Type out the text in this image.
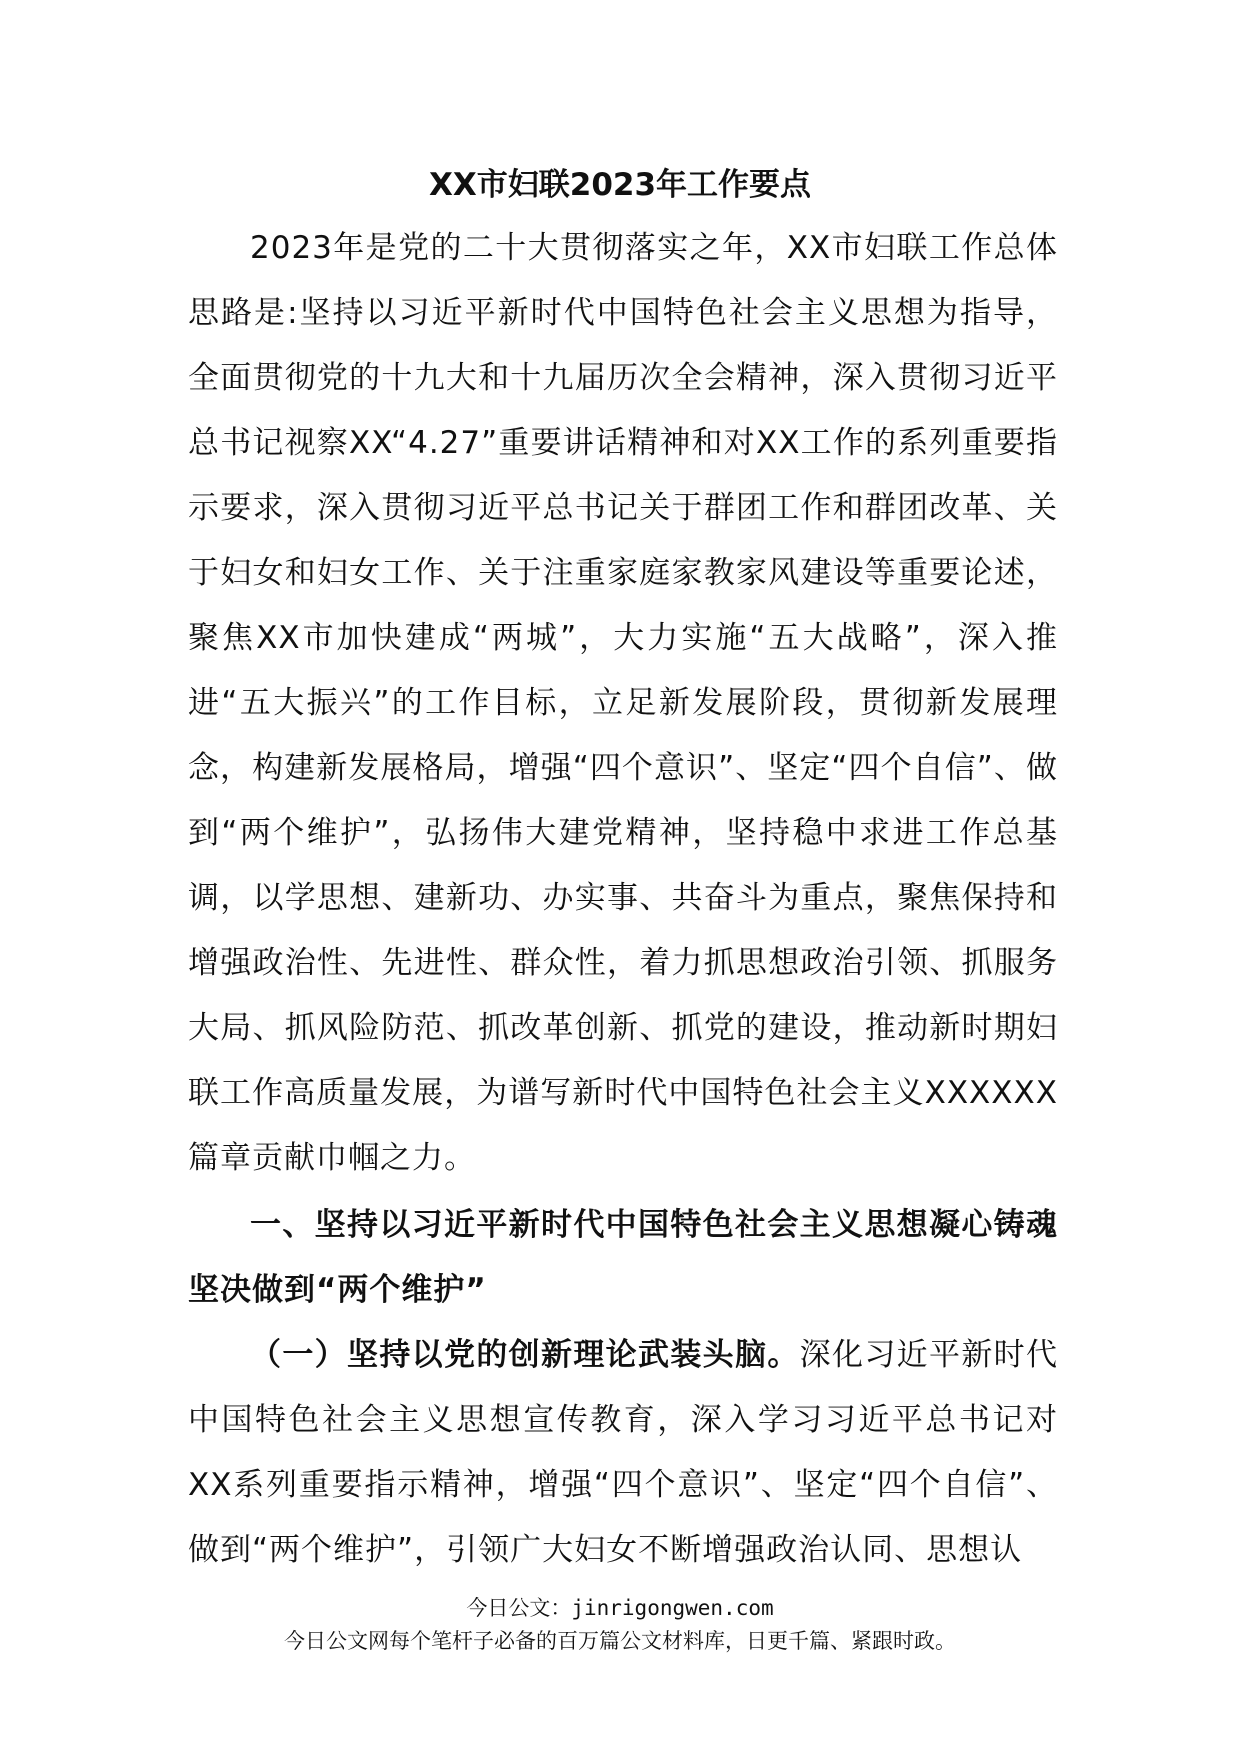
XX市妇联2023年工作要点

2023年是党的二十大贯彻落实之年，XX市妇联工作总体思路是:坚持以习近平新时代中国特色社会主义思想为指导，全面贯彻党的十九大和十九届历次全会精神，深入贯彻习近平总书记视察XX“4.27”重要讲话精神和对XX工作的系列重要指示要求，深入贯彻习近平总书记关于群团工作和群团改革、关于妇女和妇女工作、关于注重家庭家教家风建设等重要论述，聚焦XX市加快建成“两城”，大力实施“五大战略”，深入推进“五大振兴”的工作目标，立足新发展阶段，贯彻新发展理念，构建新发展格局，增强“四个意识”、坚定“四个自信”、做到“两个维护”，弘扬伟大建党精神，坚持稳中求进工作总基调，以学思想、建新功、办实事、共奋斗为重点，聚焦保持和增强政治性、先进性、群众性，着力抓思想政治引领、抓服务大局、抓风险防范、抓改革创新、抓党的建设，推动新时期妇联工作高质量发展，为谱写新时代中国特色社会主义XXXXXX篇章贡献巾帼之力。

一、坚持以习近平新时代中国特色社会主义思想凝心铸魂坚决做到“两个维护”

（一）坚持以党的创新理论武装头脑。深化习近平新时代中国特色社会主义思想宣传教育，深入学习习近平总书记对XX系列重要指示精神，增强“四个意识”、坚定“四个自信”、做到“两个维护”，引领广大妇女不断增强政治认同、思想认

今日公文：jinrigongwen.com
今日公文网每个笔杆子必备的百万篇公文材料库，日更千篇、紧跟时政。
